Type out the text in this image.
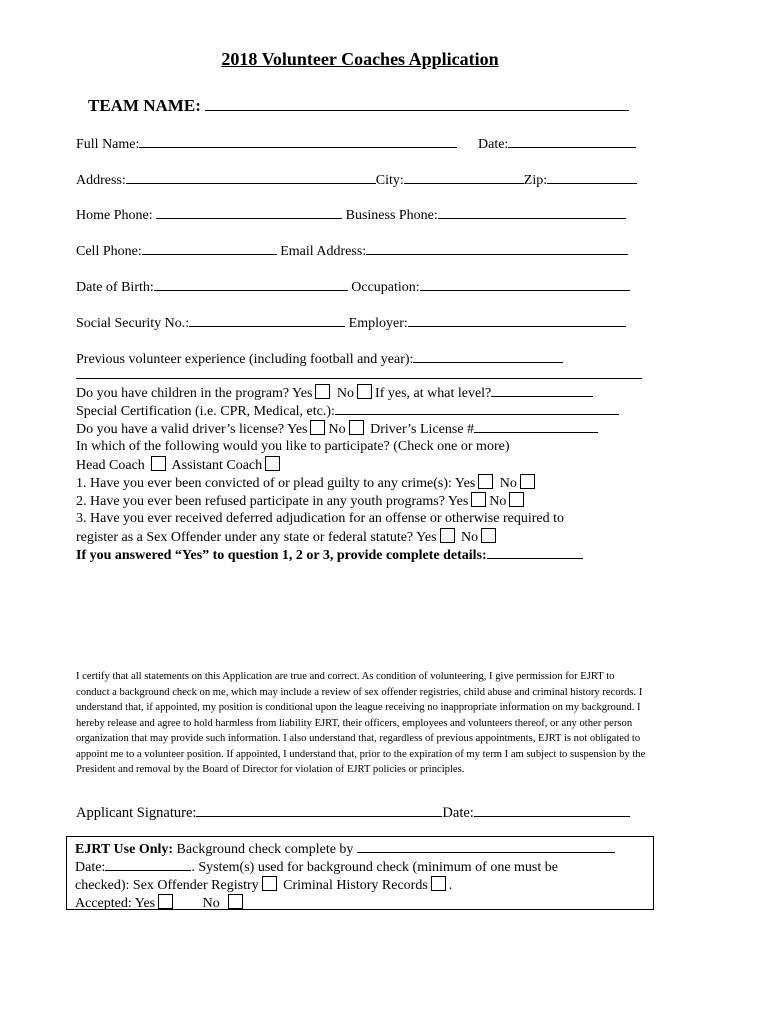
2018 Volunteer Coaches Application
TEAM NAME:
Full Name:	Date:
Address:	City:	Zip:
Home Phone:	Business Phone:
Cell Phone:	Email Address:
Date of Birth:	Occupation:
Social Security No.:	Employer:
Previous volunteer experience (including football and year):
Do you have children in the program? Yes No If yes, at what level?
Special Certification (i.e. CPR, Medical, etc.):
Do you have a valid driver’s license? Yes No Driver’s License #
In which of the following would you like to participate? (Check one or more)
Head Coach Assistant Coach
1. Have you ever been convicted of or plead guilty to any crime(s): Yes No
2. Have you ever been refused participate in any youth programs? Yes No
3. Have you ever received deferred adjudication for an offense or otherwise required to
register as a Sex Offender under any state or federal statute? Yes No
If you answered “Yes” to question 1, 2 or 3, provide complete details:
I certify that all statements on this Application are true and correct. As condition of volunteering, I give permission for EJRT to conduct a background check on me, which may include a review of sex offender registries, child abuse and criminal history records. I understand that, if appointed, my position is conditional upon the league receiving no inappropriate information on my background. I hereby release and agree to hold harmless from liability EJRT, their officers, employees and volunteers thereof, or any other person organization that may provide such information. I also understand that, regardless of previous appointments, EJRT is not obligated to appoint me to a volunteer position. If appointed, I understand that, prior to the expiration of my term I am subject to suspension by the President and removal by the Board of Director for violation of EJRT policies or principles.
Applicant Signature:	Date:
EJRT Use Only: Background check complete by
Date:	. System(s) used for background check (minimum of one must be
checked): Sex Offender Registry Criminal History Records .
Accepted: Yes	No
